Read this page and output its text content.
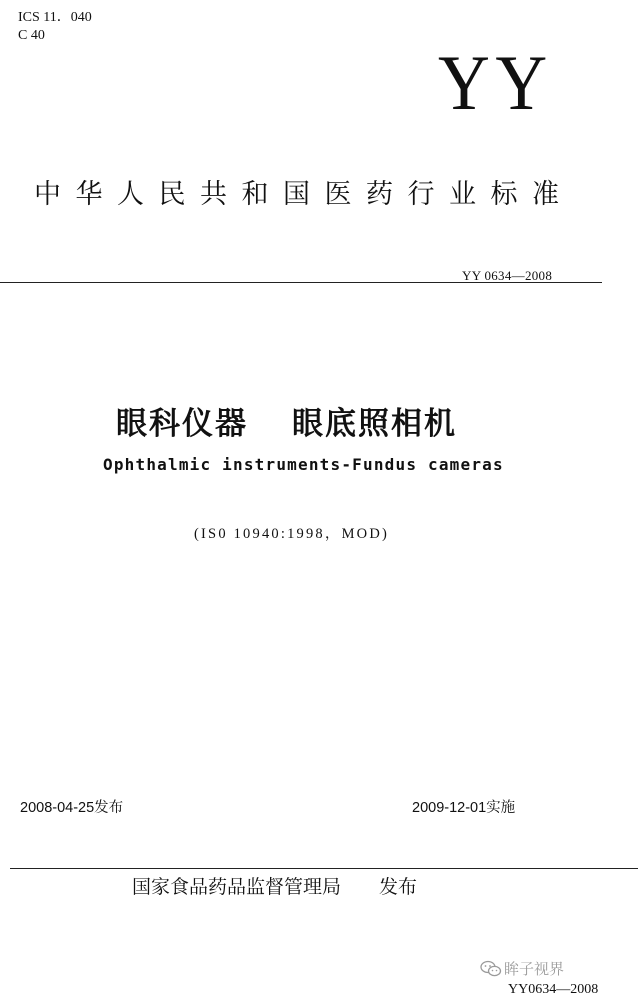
ICS 11．040
C 40
YY
中华人民共和国医药行业标准
YY 0634—2008
眼科仪器 眼底照相机
Ophthalmic instruments-Fundus cameras
(IS0 10940:1998，MOD)
2008-04-25发布	2009-12-01实施
国家食品药品监督管理局 发布
眸子视界
YY0634—2008
